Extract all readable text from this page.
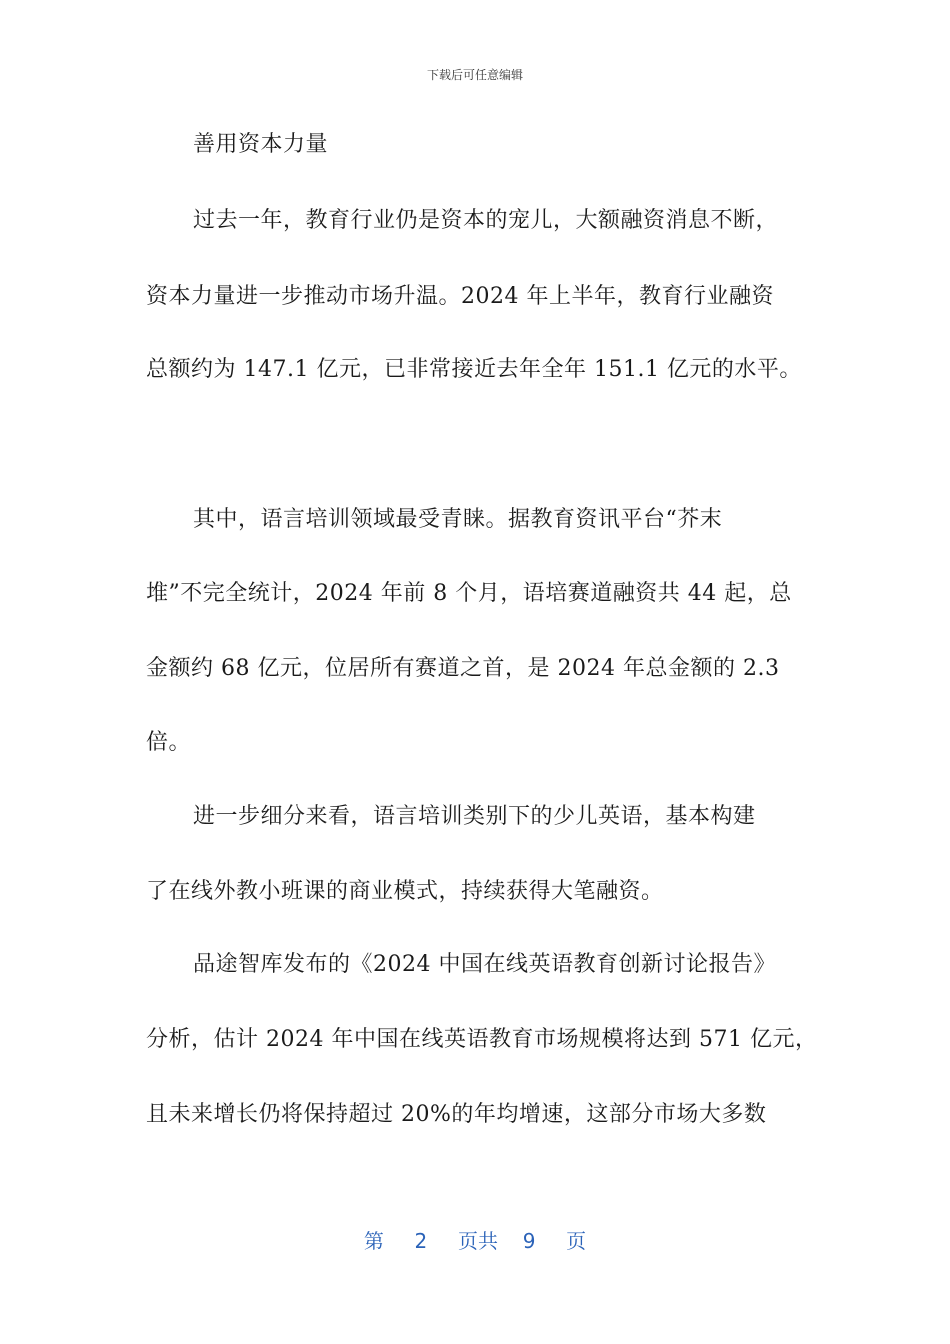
下载后可任意编辑
善用资本力量
过去一年，教育行业仍是资本的宠儿，大额融资消息不断，
资本力量进一步推动市场升温。2024 年上半年，教育行业融资
总额约为 147.1 亿元，已非常接近去年全年 151.1 亿元的水平。
其中，语言培训领域最受青睐。据教育资讯平台“芥末
堆”不完全统计，2024 年前 8 个月，语培赛道融资共 44 起，总
金额约 68 亿元，位居所有赛道之首，是 2024 年总金额的 2.3
倍。
进一步细分来看，语言培训类别下的少儿英语，基本构建
了在线外教小班课的商业模式，持续获得大笔融资。
品途智库发布的《2024 中国在线英语教育创新讨论报告》
分析，估计 2024 年中国在线英语教育市场规模将达到 571 亿元，
且未来增长仍将保持超过 20%的年均增速，这部分市场大多数
第 2 页共 9 页
